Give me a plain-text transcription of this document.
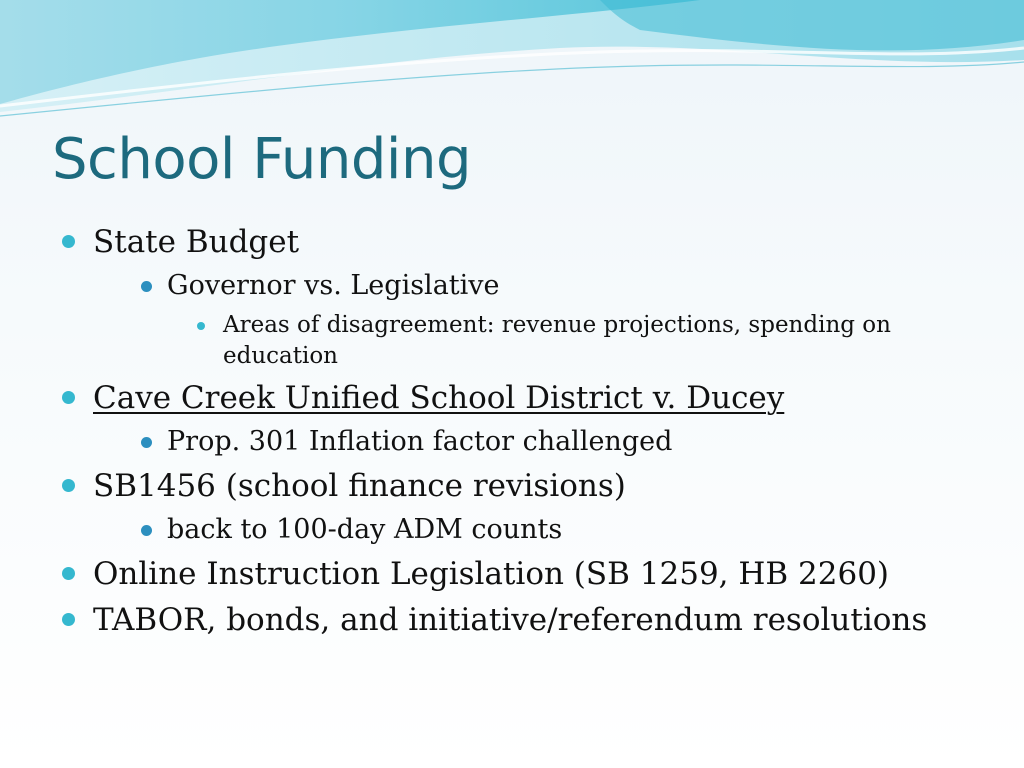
School Funding
State Budget
Governor vs. Legislative
Areas of disagreement: revenue projections, spending on education
Cave Creek Unified School District v. Ducey
Prop. 301 Inflation factor challenged
SB1456 (school finance revisions)
back to 100-day ADM counts
Online Instruction Legislation (SB 1259, HB 2260)
TABOR, bonds, and initiative/referendum resolutions
